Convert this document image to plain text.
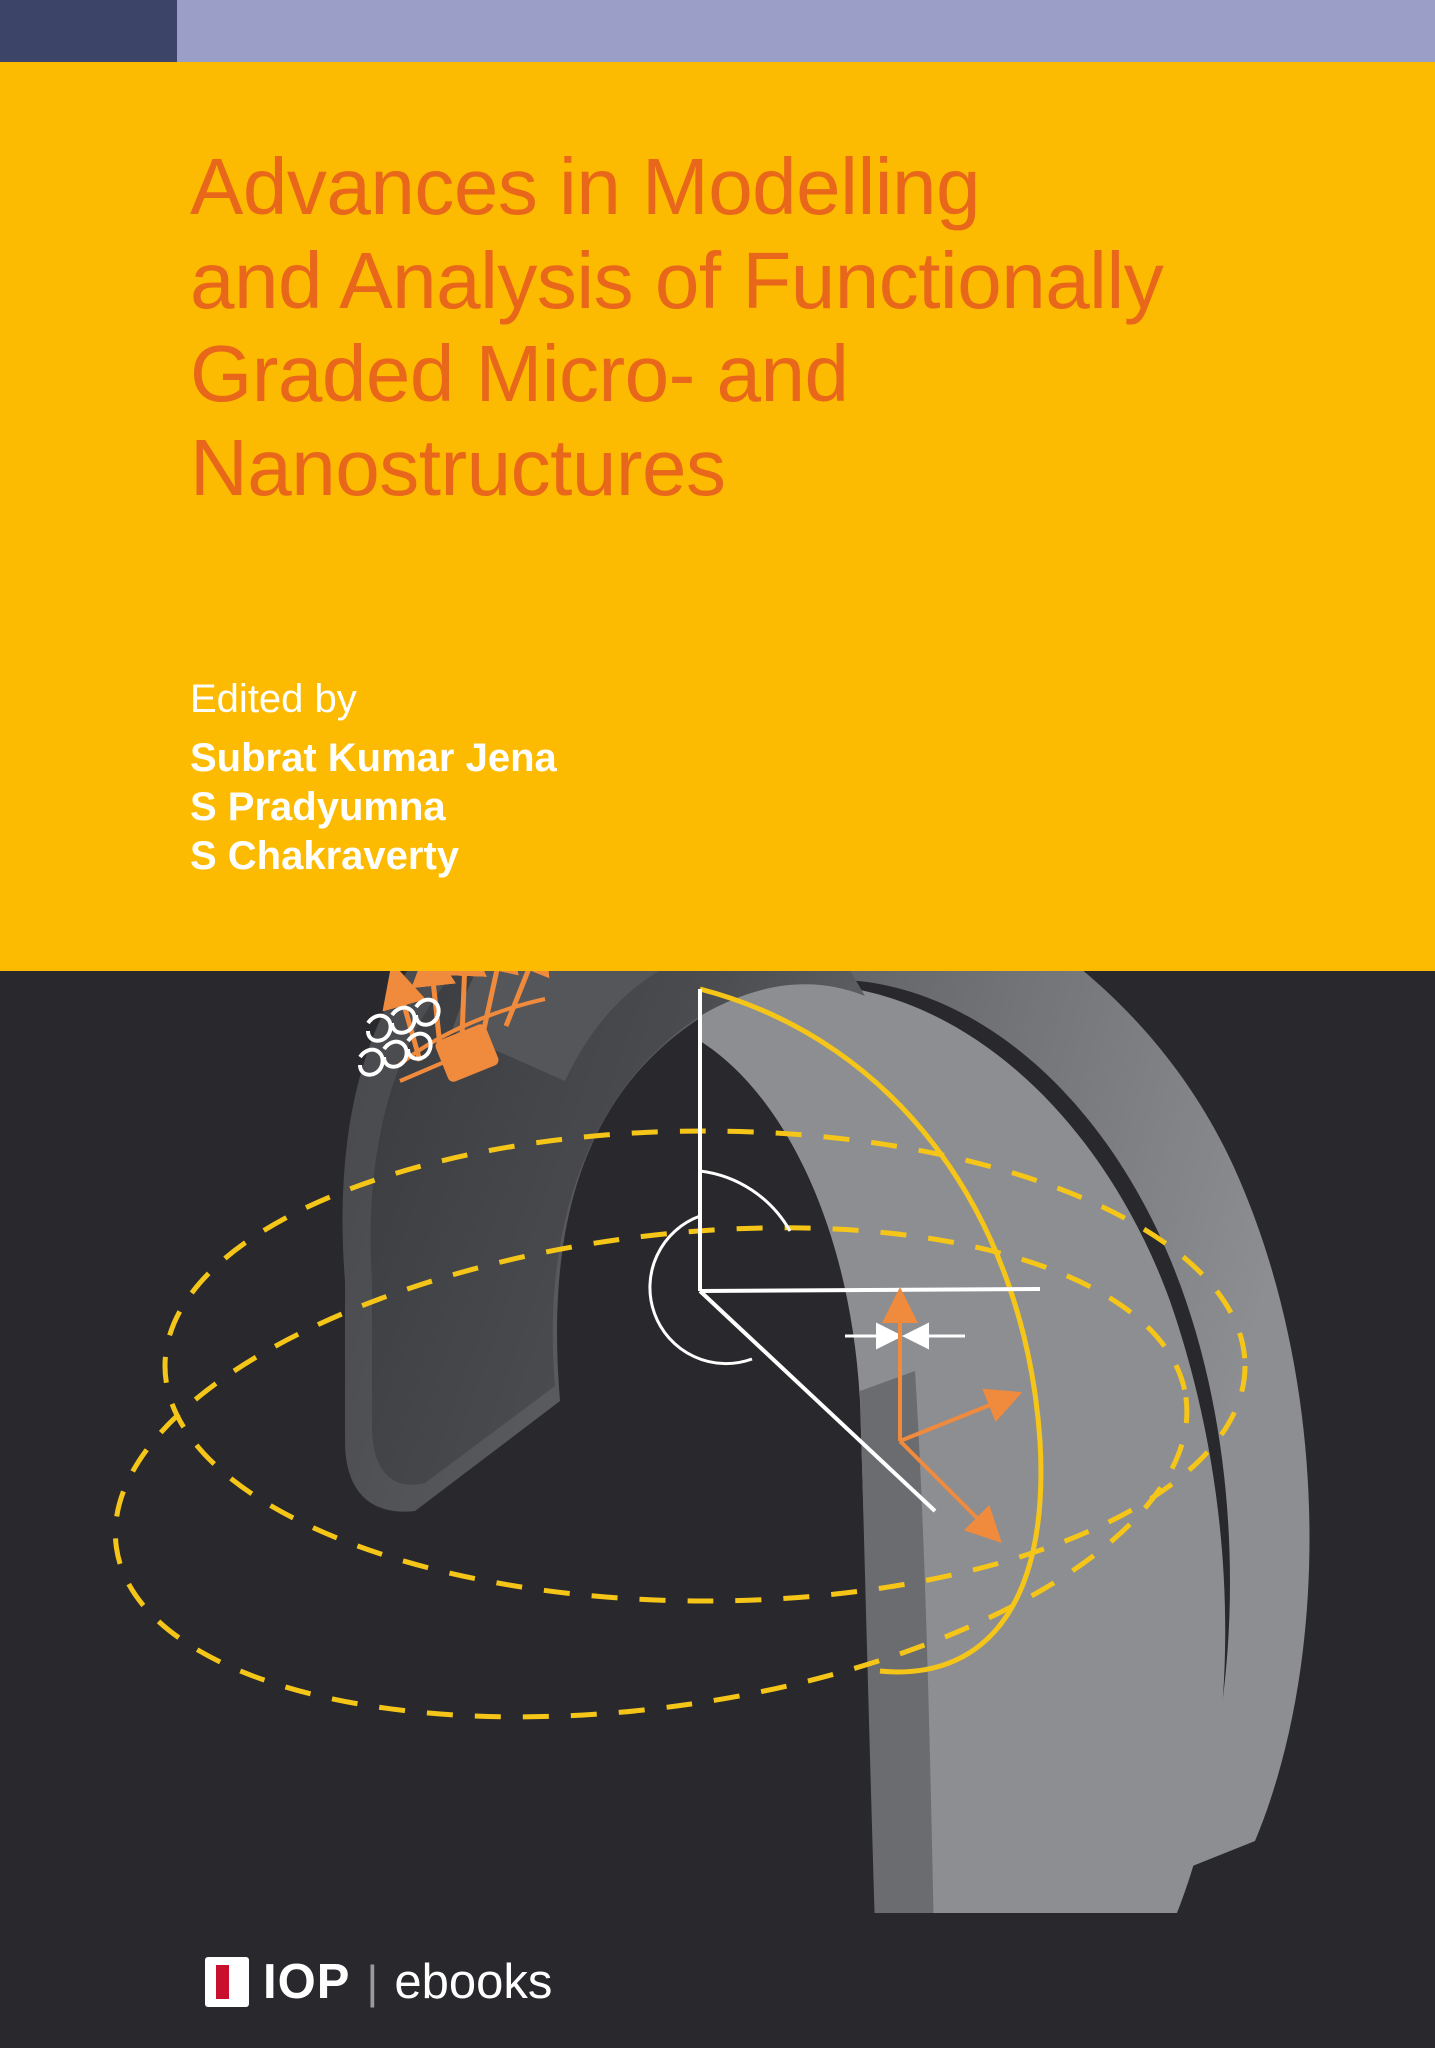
Advances in Modelling
and Analysis of Functionally
Graded Micro- and
Nanostructures
Edited by
Subrat Kumar Jena
S Pradyumna
S Chakraverty
IOP | ebooks
